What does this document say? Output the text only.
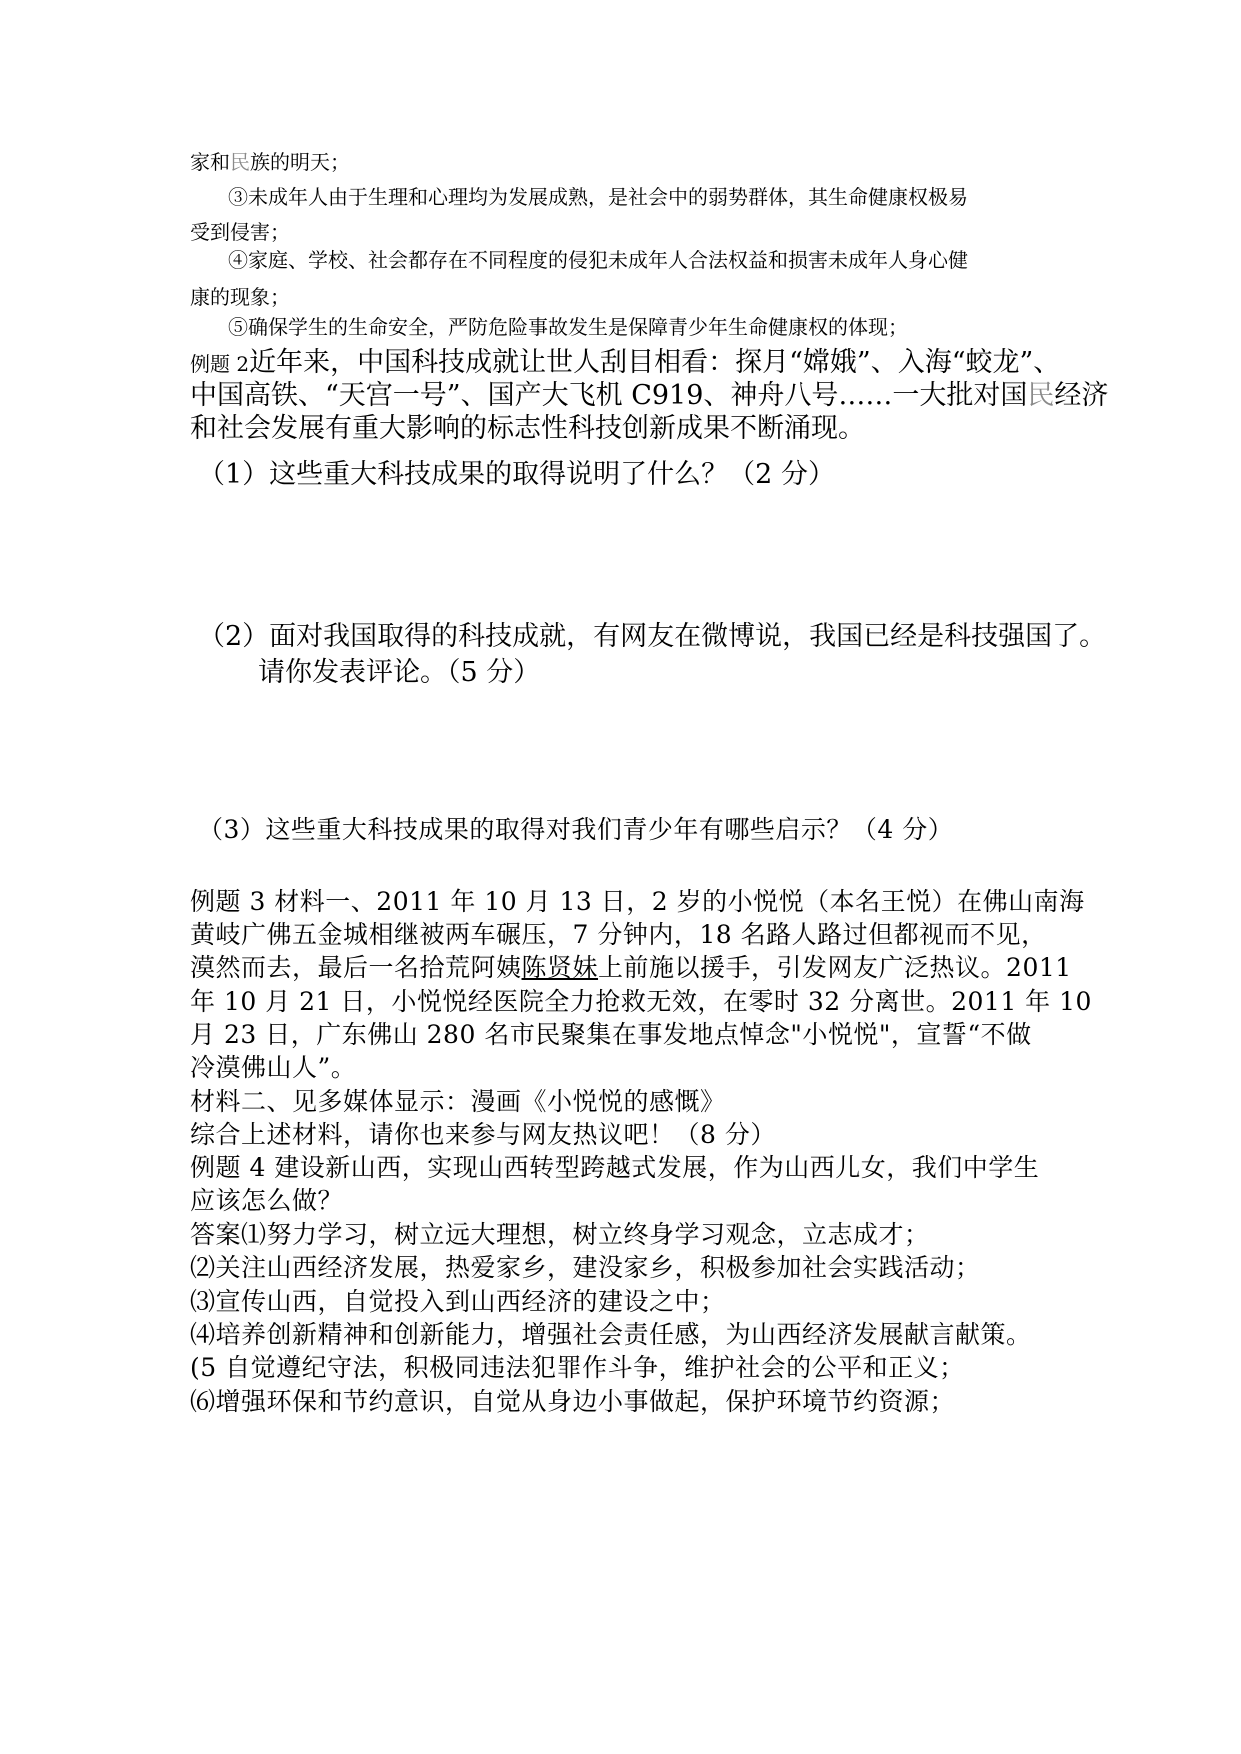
家和民族的明天；
③未成年人由于生理和心理均为发展成熟，是社会中的弱势群体，其生命健康权极易
受到侵害；
④家庭、学校、社会都存在不同程度的侵犯未成年人合法权益和损害未成年人身心健
康的现象；
⑤确保学生的生命安全，严防危险事故发生是保障青少年生命健康权的体现；
例题 2近年来，中国科技成就让世人刮目相看：探月“嫦娥”、入海“蛟龙”、
中国高铁、“天宫一号”、国产大飞机 C919、神舟八号……一大批对国民经济
和社会发展有重大影响的标志性科技创新成果不断涌现。
（1）这些重大科技成果的取得说明了什么？（2 分）
（2）面对我国取得的科技成就，有网友在微博说，我国已经是科技强国了。
请你发表评论。（5 分）
（3）这些重大科技成果的取得对我们青少年有哪些启示？（4 分）
例题 3 材料一、2011 年 10 月 13 日，2 岁的小悦悦（本名王悦）在佛山南海
黄岐广佛五金城相继被两车碾压，7 分钟内，18 名路人路过但都视而不见，
漠然而去，最后一名拾荒阿姨陈贤妹上前施以援手，引发网友广泛热议。2011
年 10 月 21 日，小悦悦经医院全力抢救无效，在零时 32 分离世。2011 年 10
月 23 日，广东佛山 280 名市民聚集在事发地点悼念"小悦悦"，宣誓“不做
冷漠佛山人”。
材料二、见多媒体显示：漫画《小悦悦的感慨》
综合上述材料，请你也来参与网友热议吧！（8 分）
例题 4 建设新山西，实现山西转型跨越式发展，作为山西儿女，我们中学生
应该怎么做？
答案⑴努力学习，树立远大理想，树立终身学习观念，立志成才；
⑵关注山西经济发展，热爱家乡，建没家乡，积极参加社会实践活动；
⑶宣传山西，自觉投入到山西经济的建设之中；
⑷培养创新精神和创新能力，增强社会责任感，为山西经济发展献言献策。
(5 自觉遵纪守法，积极同违法犯罪作斗争，维护社会的公平和正义；
⑹增强环保和节约意识，自觉从身边小事做起，保护环境节约资源；
